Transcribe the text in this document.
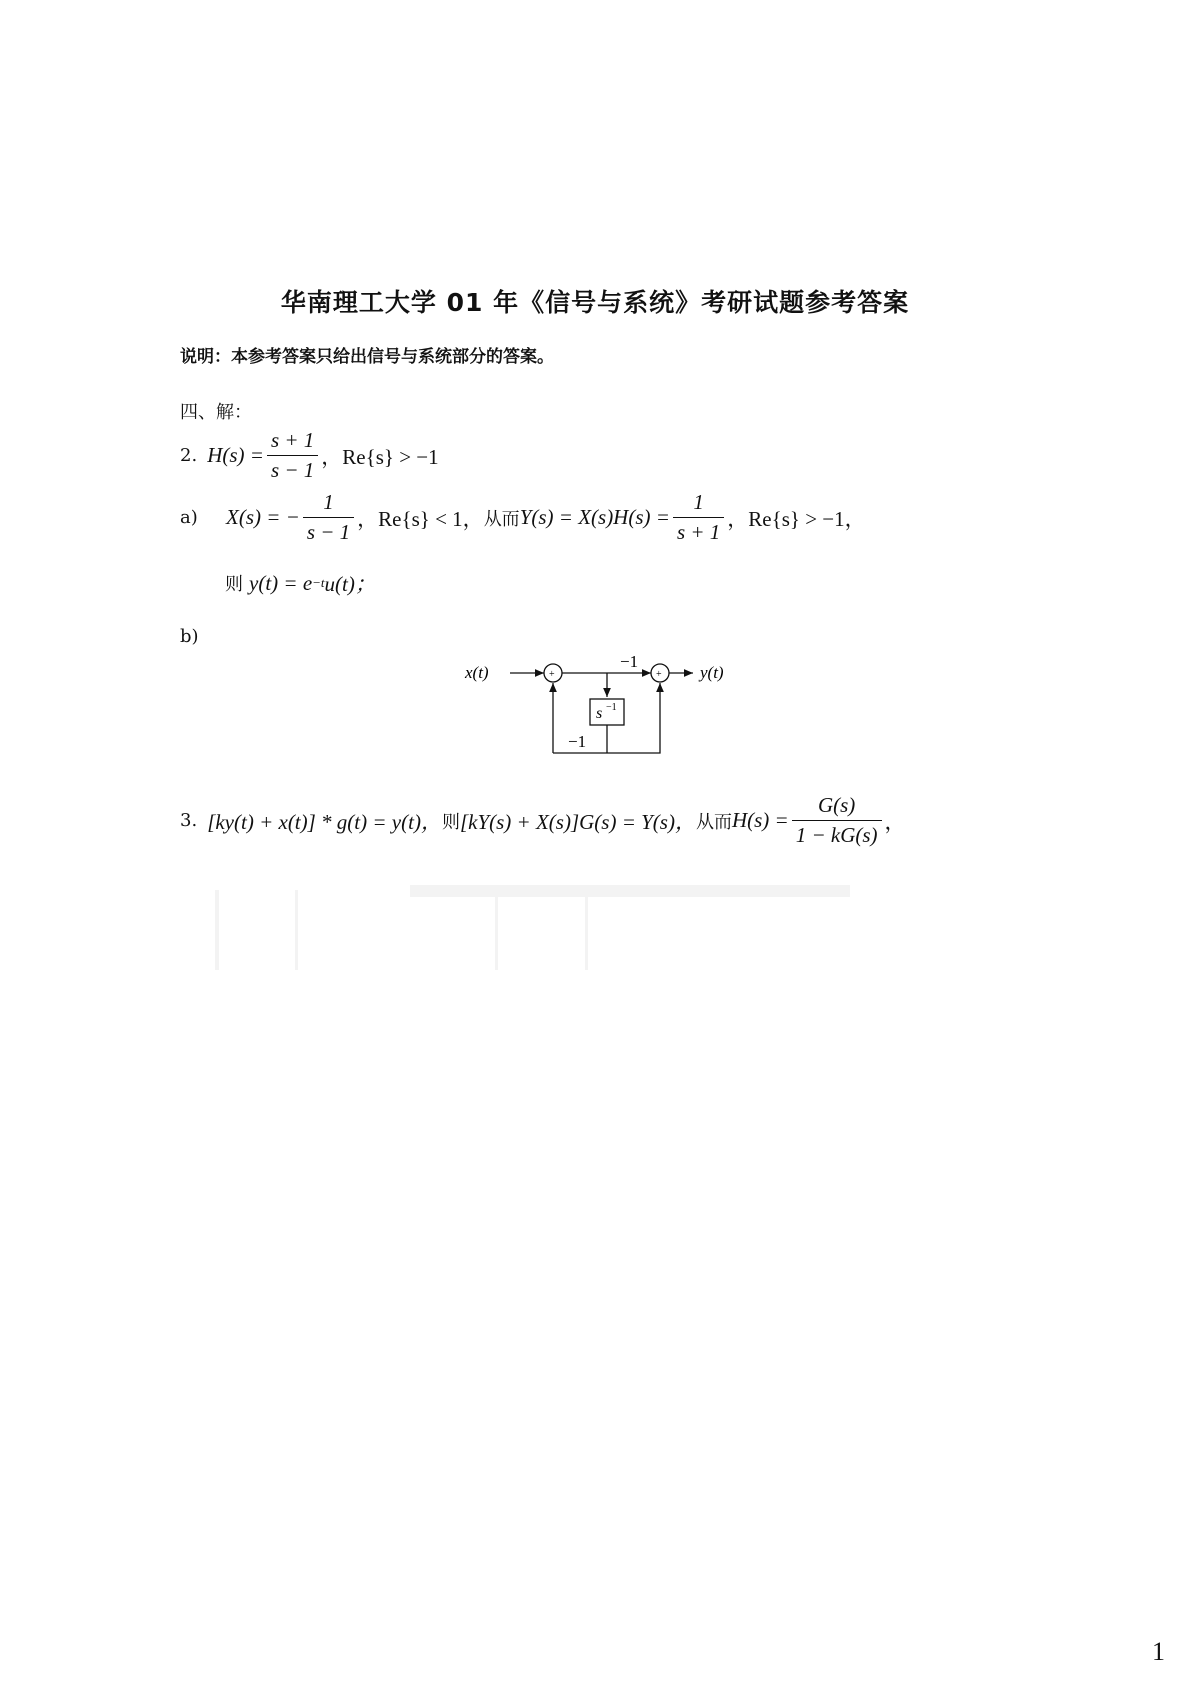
华南理工大学 01 年《信号与系统》考研试题参考答案
说明：本参考答案只给出信号与系统部分的答案。
四、解：
2. $H(s) = \frac{s + 1}{s - 1}$ ，Re{s} > −1
a)	X(s) = − $\frac{1}{s - 1}$ ，Re{s} < 1， 从而 $Y(s) = X(s)H(s) = \frac{1}{s + 1}$ ，Re{s} > −1，
则 y(t) = e −t u(t)；
b)
x(t)	+
−1
+ y(t)
s −1
−1
3. [ky(t) + x(t)] * g(t) = y(t)， 则 [kY(s) + X(s)]G(s) = Y(s)， 从而 $H(s) = \frac{G(s)}{1 - kG(s)}$ ，
1
